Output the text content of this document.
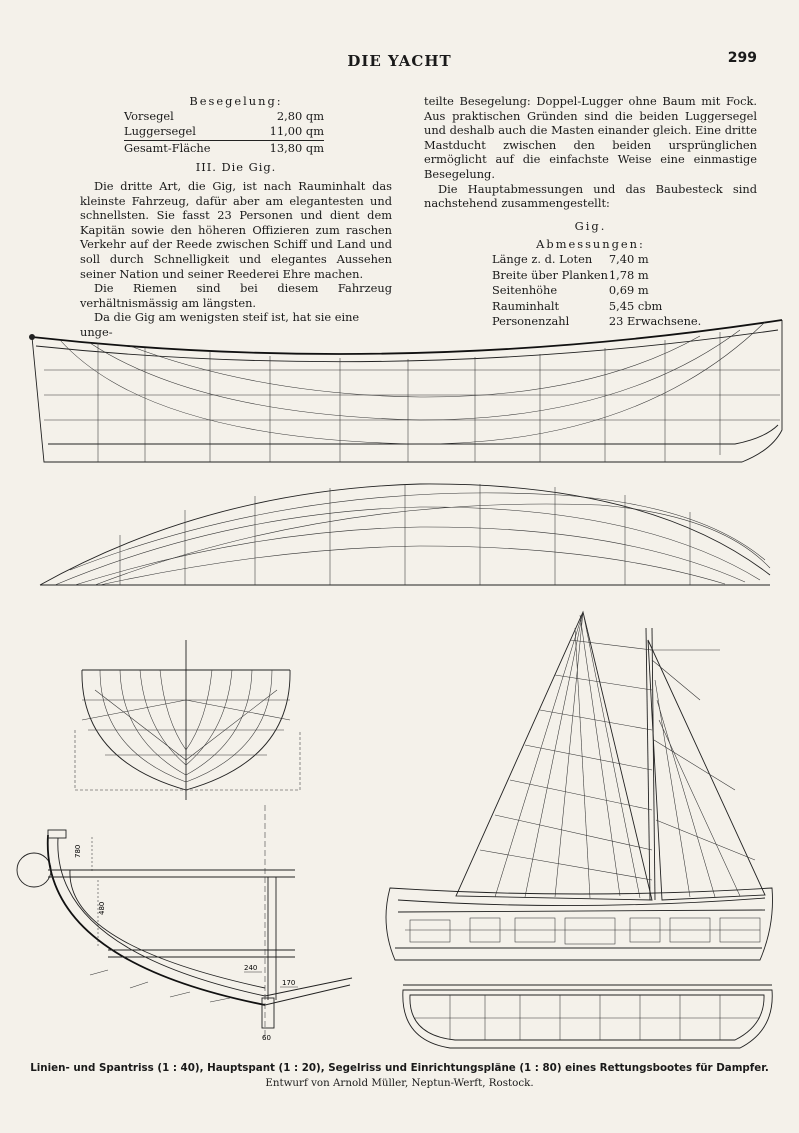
DIE YACHT	299
Besegelung:
Vorsegel	2,80 qm
Luggersegel	11,00 qm
Gesamt-Fläche	13,80 qm
III. Die Gig.

Die dritte Art, die Gig, ist nach Rauminhalt das kleinste Fahrzeug, dafür aber am elegantesten und schnellsten. Sie fasst 23 Personen und dient dem Kapitän sowie den höheren Offizieren zum raschen Verkehr auf der Reede zwischen Schiff und Land und soll durch Schnelligkeit und elegantes Aussehen seiner Nation und seiner Reederei Ehre machen.

Die Riemen sind bei diesem Fahrzeug verhältnismässig am längsten.

Da die Gig am wenigsten steif ist, hat sie eine unge-

teilte Besegelung: Doppel-Lugger ohne Baum mit Fock. Aus praktischen Gründen sind die beiden Luggersegel und deshalb auch die Masten einander gleich. Eine dritte Mastducht zwischen den beiden ursprünglichen ermöglicht auf die einfachste Weise eine einmastige Besegelung.

Die Hauptabmessungen und das Baubesteck sind nachstehend zusammengestellt:

Gig.
Abmessungen:
Länge z. d. Loten	7,40 m
Breite über Planken	1,78 m
Seitenhöhe	0,69 m
Rauminhalt	5,45 cbm
Personenzahl	23 Erwachsene.
780
480
240
170
60
Linien- und Spantriss (1 : 40), Hauptspant (1 : 20), Segelriss und Einrichtungspläne (1 : 80) eines Rettungsbootes für Dampfer.
Entwurf von Arnold Müller, Neptun-Werft, Rostock.
